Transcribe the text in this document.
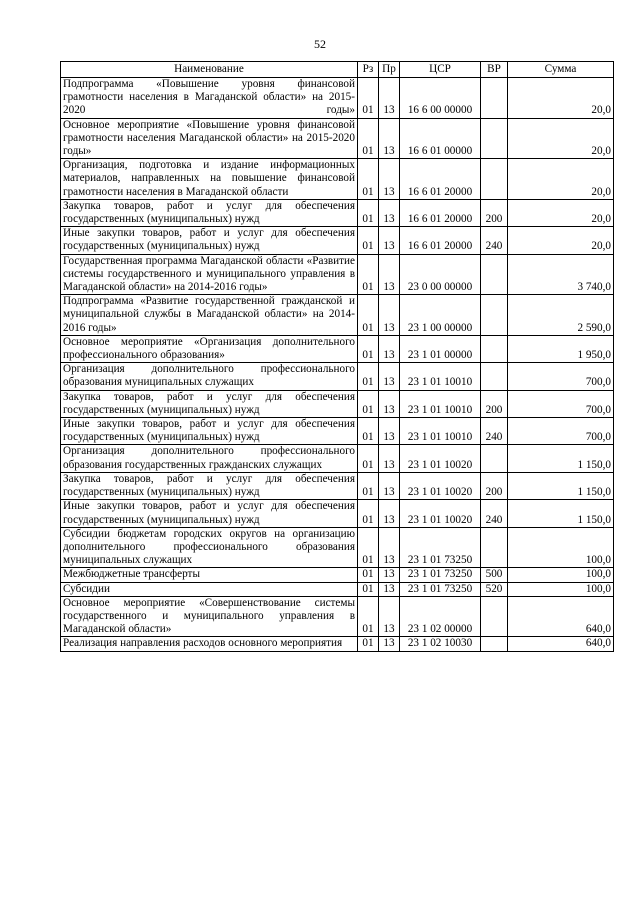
52
Наименование	Рз	Пр	ЦСР	ВР	Сумма
Подпрограмма «Повышение уровня финансовой грамотности населения в Магаданской области» на 2015-2020 годы»	01	13	16 6 00 00000		20,0
Основное мероприятие «Повышение уровня финансовой грамотности населения Магаданской области» на 2015-2020 годы»	01	13	16 6 01 00000		20,0
Организация, подготовка и издание информационных материалов, направленных на повышение финансовой грамотности населения в Магаданской области	01	13	16 6 01 20000		20,0
Закупка товаров, работ и услуг для обеспечения государственных (муниципальных) нужд	01	13	16 6 01 20000	200	20,0
Иные закупки товаров, работ и услуг для обеспечения государственных (муниципальных) нужд	01	13	16 6 01 20000	240	20,0
Государственная программа Магаданской области «Развитие системы государственного и муниципального управления в Магаданской области» на 2014-2016 годы»	01	13	23 0 00 00000		3 740,0
Подпрограмма «Развитие государственной гражданской и муниципальной службы в Магаданской области» на 2014-2016 годы»	01	13	23 1 00 00000		2 590,0
Основное мероприятие «Организация дополнительного профессионального образования»	01	13	23 1 01 00000		1 950,0
Организация дополнительного профессионального образования муниципальных служащих	01	13	23 1 01 10010		700,0
Закупка товаров, работ и услуг для обеспечения государственных (муниципальных) нужд	01	13	23 1 01 10010	200	700,0
Иные закупки товаров, работ и услуг для обеспечения государственных (муниципальных) нужд	01	13	23 1 01 10010	240	700,0
Организация дополнительного профессионального образования государственных гражданских служащих	01	13	23 1 01 10020		1 150,0
Закупка товаров, работ и услуг для обеспечения государственных (муниципальных) нужд	01	13	23 1 01 10020	200	1 150,0
Иные закупки товаров, работ и услуг для обеспечения государственных (муниципальных) нужд	01	13	23 1 01 10020	240	1 150,0
Субсидии бюджетам городских округов на организацию дополнительного профессионального образования муниципальных служащих	01	13	23 1 01 73250		100,0
Межбюджетные трансферты	01	13	23 1 01 73250	500	100,0
Субсидии	01	13	23 1 01 73250	520	100,0
Основное мероприятие «Совершенствование системы государственного и муниципального управления в Магаданской области»	01	13	23 1 02 00000		640,0
Реализация направления расходов основного мероприятия	01	13	23 1 02 10030		640,0
